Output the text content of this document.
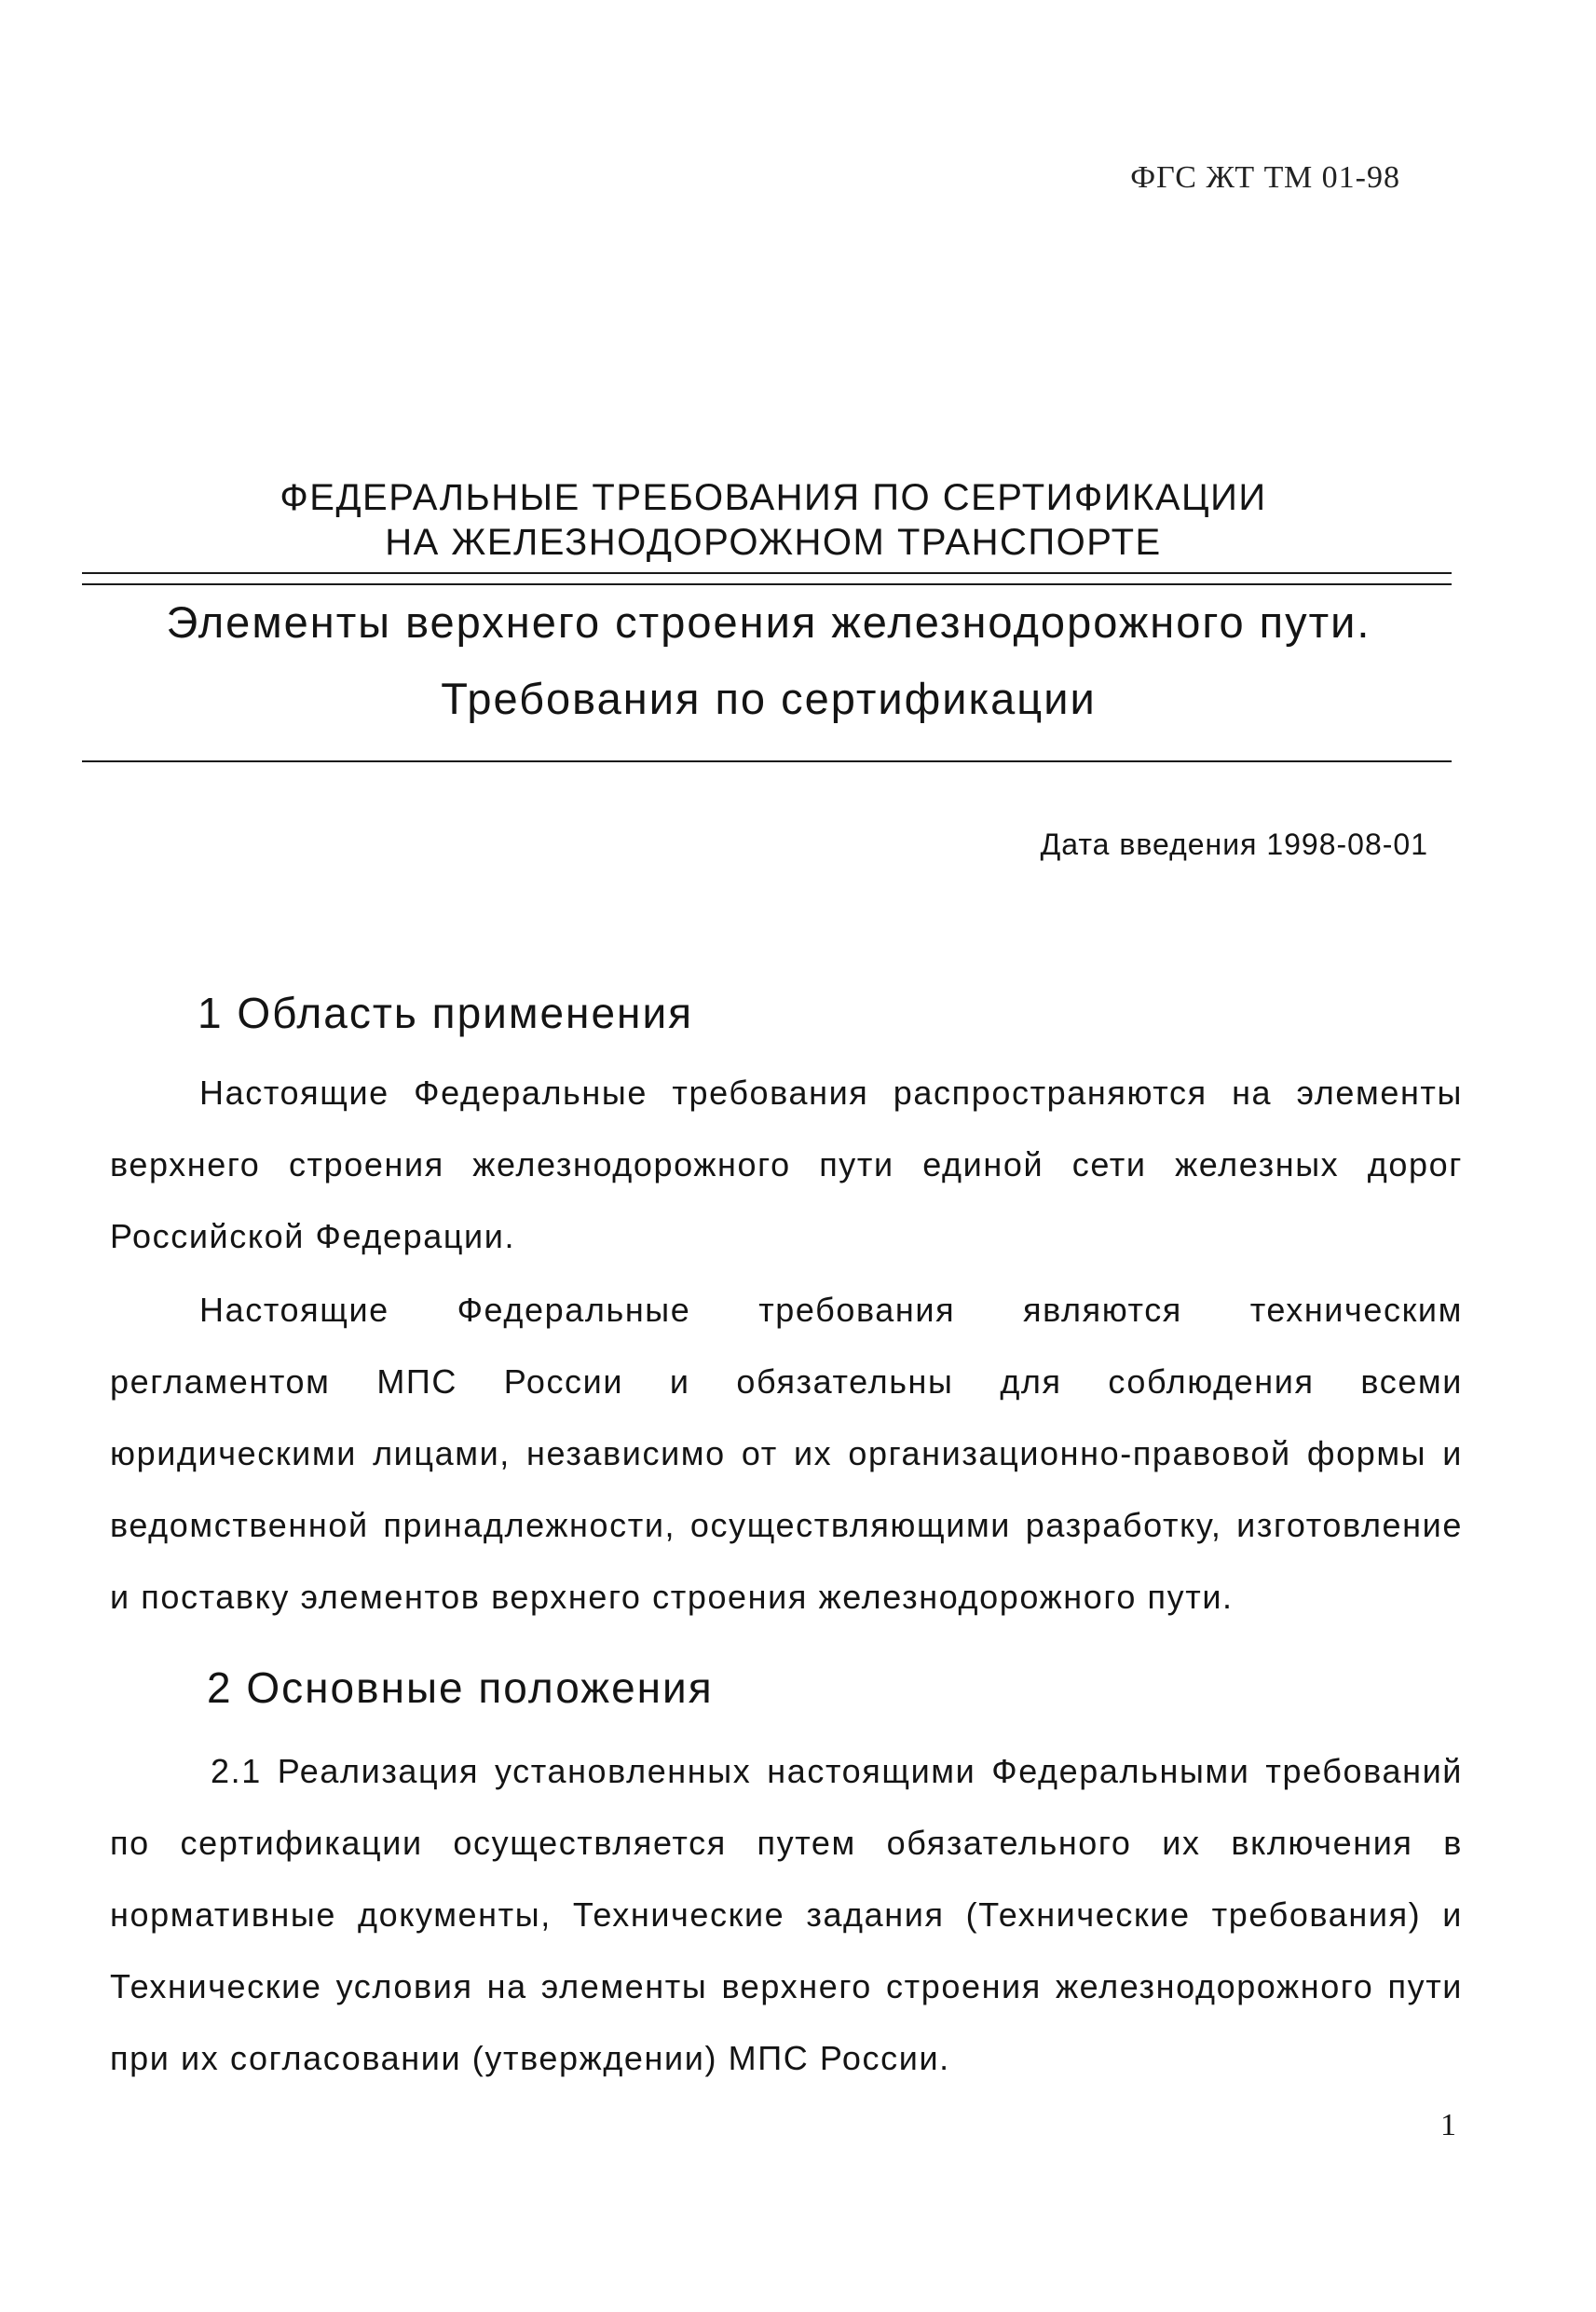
ФГС ЖТ ТМ 01-98
ФЕДЕРАЛЬНЫЕ ТРЕБОВАНИЯ ПО СЕРТИФИКАЦИИ
НА ЖЕЛЕЗНОДОРОЖНОМ ТРАНСПОРТЕ
Элементы верхнего строения железнодорожного пути.
Требования по сертификации
Дата введения 1998-08-01
1 Область применения

Настоящие Федеральные требования распространяются на элементы верхнего строения железнодорожного пути единой сети железных дорог Российской Федерации.

Настоящие Федеральные требования являются техническим регламентом МПС России и обязательны для соблюдения всеми юридическими лицами, независимо от их организационно-правовой формы и ведомственной принадлежности, осуществляющими разработку, изготовление и поставку элементов верхнего строения железнодорожного пути.

2 Основные положения

2.1 Реализация установленных настоящими Федеральными требований по сертификации осуществляется путем обязательного их включения в нормативные документы, Технические задания (Технические требования) и Технические условия на элементы верхнего строения железнодорожного пути при их согласовании (утверждении) МПС России.

1
